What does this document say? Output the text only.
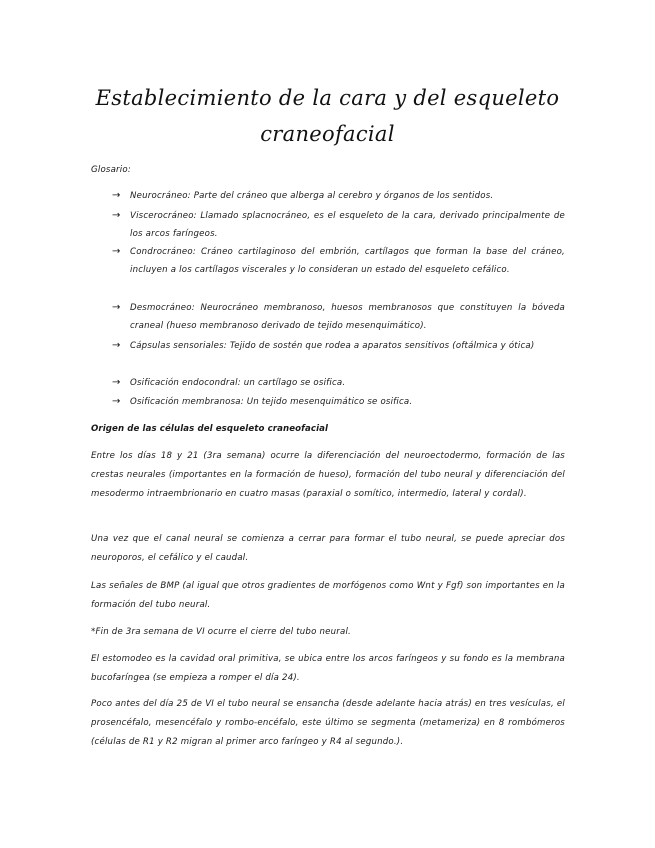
Establecimiento de la cara y del esqueleto
craneofacial
Glosario:
→ Neurocráneo: Parte del cráneo que alberga al cerebro y órganos de los sentidos.
→ Viscerocráneo: Llamado splacnocráneo, es el esqueleto de la cara, derivado principalmente de los arcos faríngeos.
→ Condrocráneo: Cráneo cartilaginoso del embrión, cartílagos que forman la base del cráneo, incluyen a los cartílagos viscerales y lo consideran un estado del esqueleto cefálico.
→ Desmocráneo: Neurocráneo membranoso, huesos membranosos que constituyen la bóveda craneal (hueso membranoso derivado de tejido mesenquimático).
→ Cápsulas sensoriales: Tejido de sostén que rodea a aparatos sensitivos (oftálmica y ótica)
→ Osificación endocondral: un cartílago se osifica.
→ Osificación membranosa: Un tejido mesenquimático se osifica.
Origen de las células del esqueleto craneofacial
Entre los días 18 y 21 (3ra semana) ocurre la diferenciación del neuroectodermo, formación de las crestas neurales (importantes en la formación de hueso), formación del tubo neural y diferenciación del mesodermo intraembrionario en cuatro masas (paraxial o somítico, intermedio, lateral y cordal).
Una vez que el canal neural se comienza a cerrar para formar el tubo neural, se puede apreciar dos neuroporos, el cefálico y el caudal.
Las señales de BMP (al igual que otros gradientes de morfógenos como Wnt y Fgf) son importantes en la formación del tubo neural.
*Fin de 3ra semana de VI ocurre el cierre del tubo neural.
El estomodeo es la cavidad oral primitiva, se ubica entre los arcos faríngeos y su fondo es la membrana bucofaríngea (se empieza a romper el día 24).
Poco antes del día 25 de VI el tubo neural se ensancha (desde adelante hacia atrás) en tres vesículas, el prosencéfalo, mesencéfalo y rombo-encéfalo, este último se segmenta (metameriza) en 8 rombómeros (células de R1 y R2 migran al primer arco faríngeo y R4 al segundo.).
